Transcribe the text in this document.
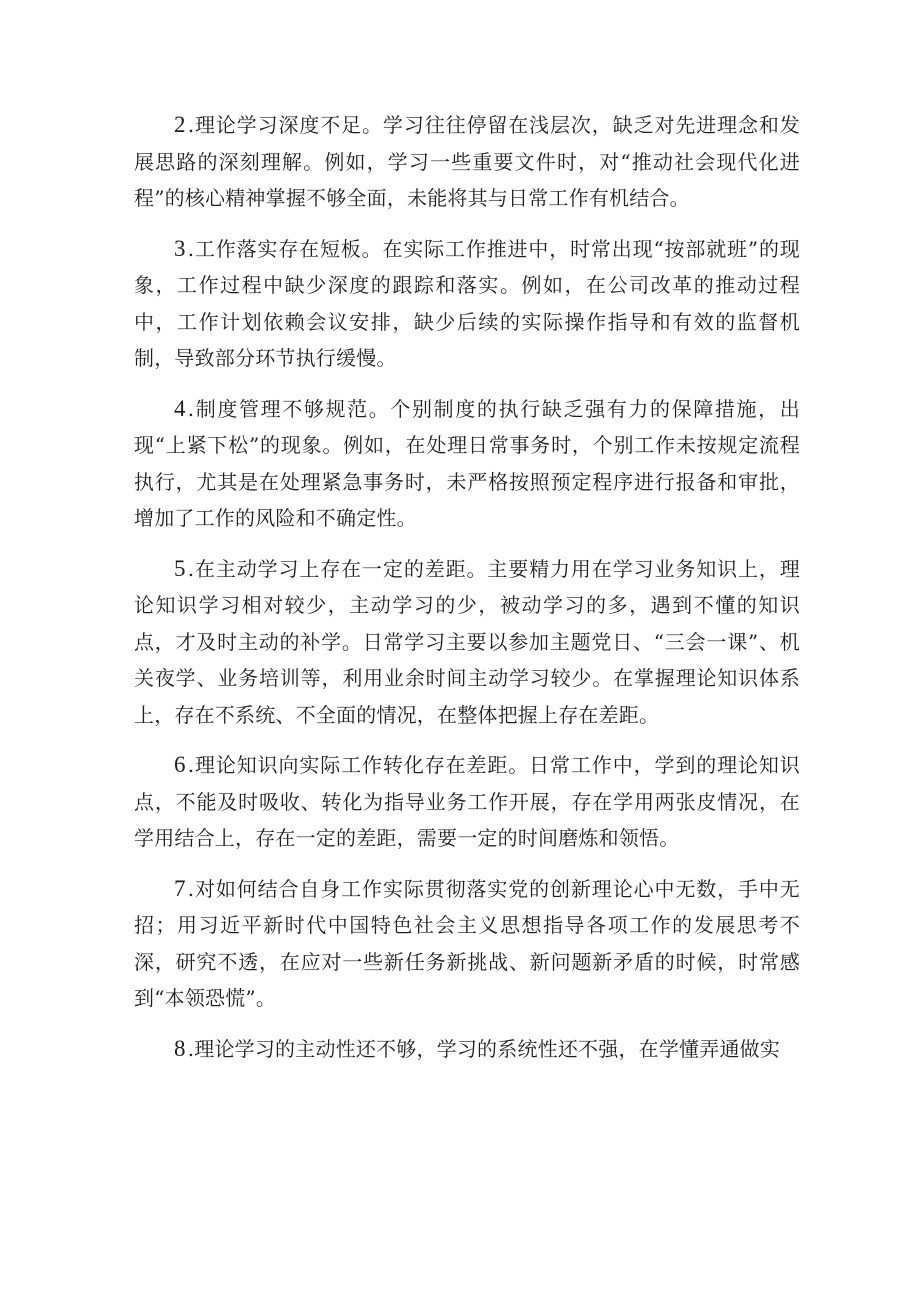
2 .理论学习深度不足。学习往往停留在浅层次，缺乏对先进理念和发展思路的深刻理解。例如，学习一些重要文件时，对“推动社会现代化进程”的核心精神掌握不够全面，未能将其与日常工作有机结合。

3 .工作落实存在短板。在实际工作推进中，时常出现“按部就班”的现象，工作过程中缺少深度的跟踪和落实。例如，在公司改革的推动过程中，工作计划依赖会议安排，缺少后续的实际操作指导和有效的监督机制，导致部分环节执行缓慢。

4 .制度管理不够规范。个别制度的执行缺乏强有力的保障措施，出现“上紧下松”的现象。例如，在处理日常事务时，个别工作未按规定流程执行，尤其是在处理紧急事务时，未严格按照预定程序进行报备和审批，增加了工作的风险和不确定性。

5 .在主动学习上存在一定的差距。主要精力用在学习业务知识上，理论知识学习相对较少，主动学习的少，被动学习的多，遇到不懂的知识点，才及时主动的补学。日常学习主要以参加主题党日、“三会一课”、机关夜学、业务培训等，利用业余时间主动学习较少。在掌握理论知识体系上，存在不系统、不全面的情况，在整体把握上存在差距。

6 .理论知识向实际工作转化存在差距。日常工作中，学到的理论知识点，不能及时吸收、转化为指导业务工作开展，存在学用两张皮情况，在学用结合上，存在一定的差距，需要一定的时间磨炼和领悟。

7 .对如何结合自身工作实际贯彻落实党的创新理论心中无数，手中无招；用习近平新时代中国特色社会主义思想指导各项工作的发展思考不深，研究不透，在应对一些新任务新挑战、新问题新矛盾的时候，时常感到“本领恐慌”。

8 .理论学习的主动性还不够，学习的系统性还不强，在学懂弄通做实
